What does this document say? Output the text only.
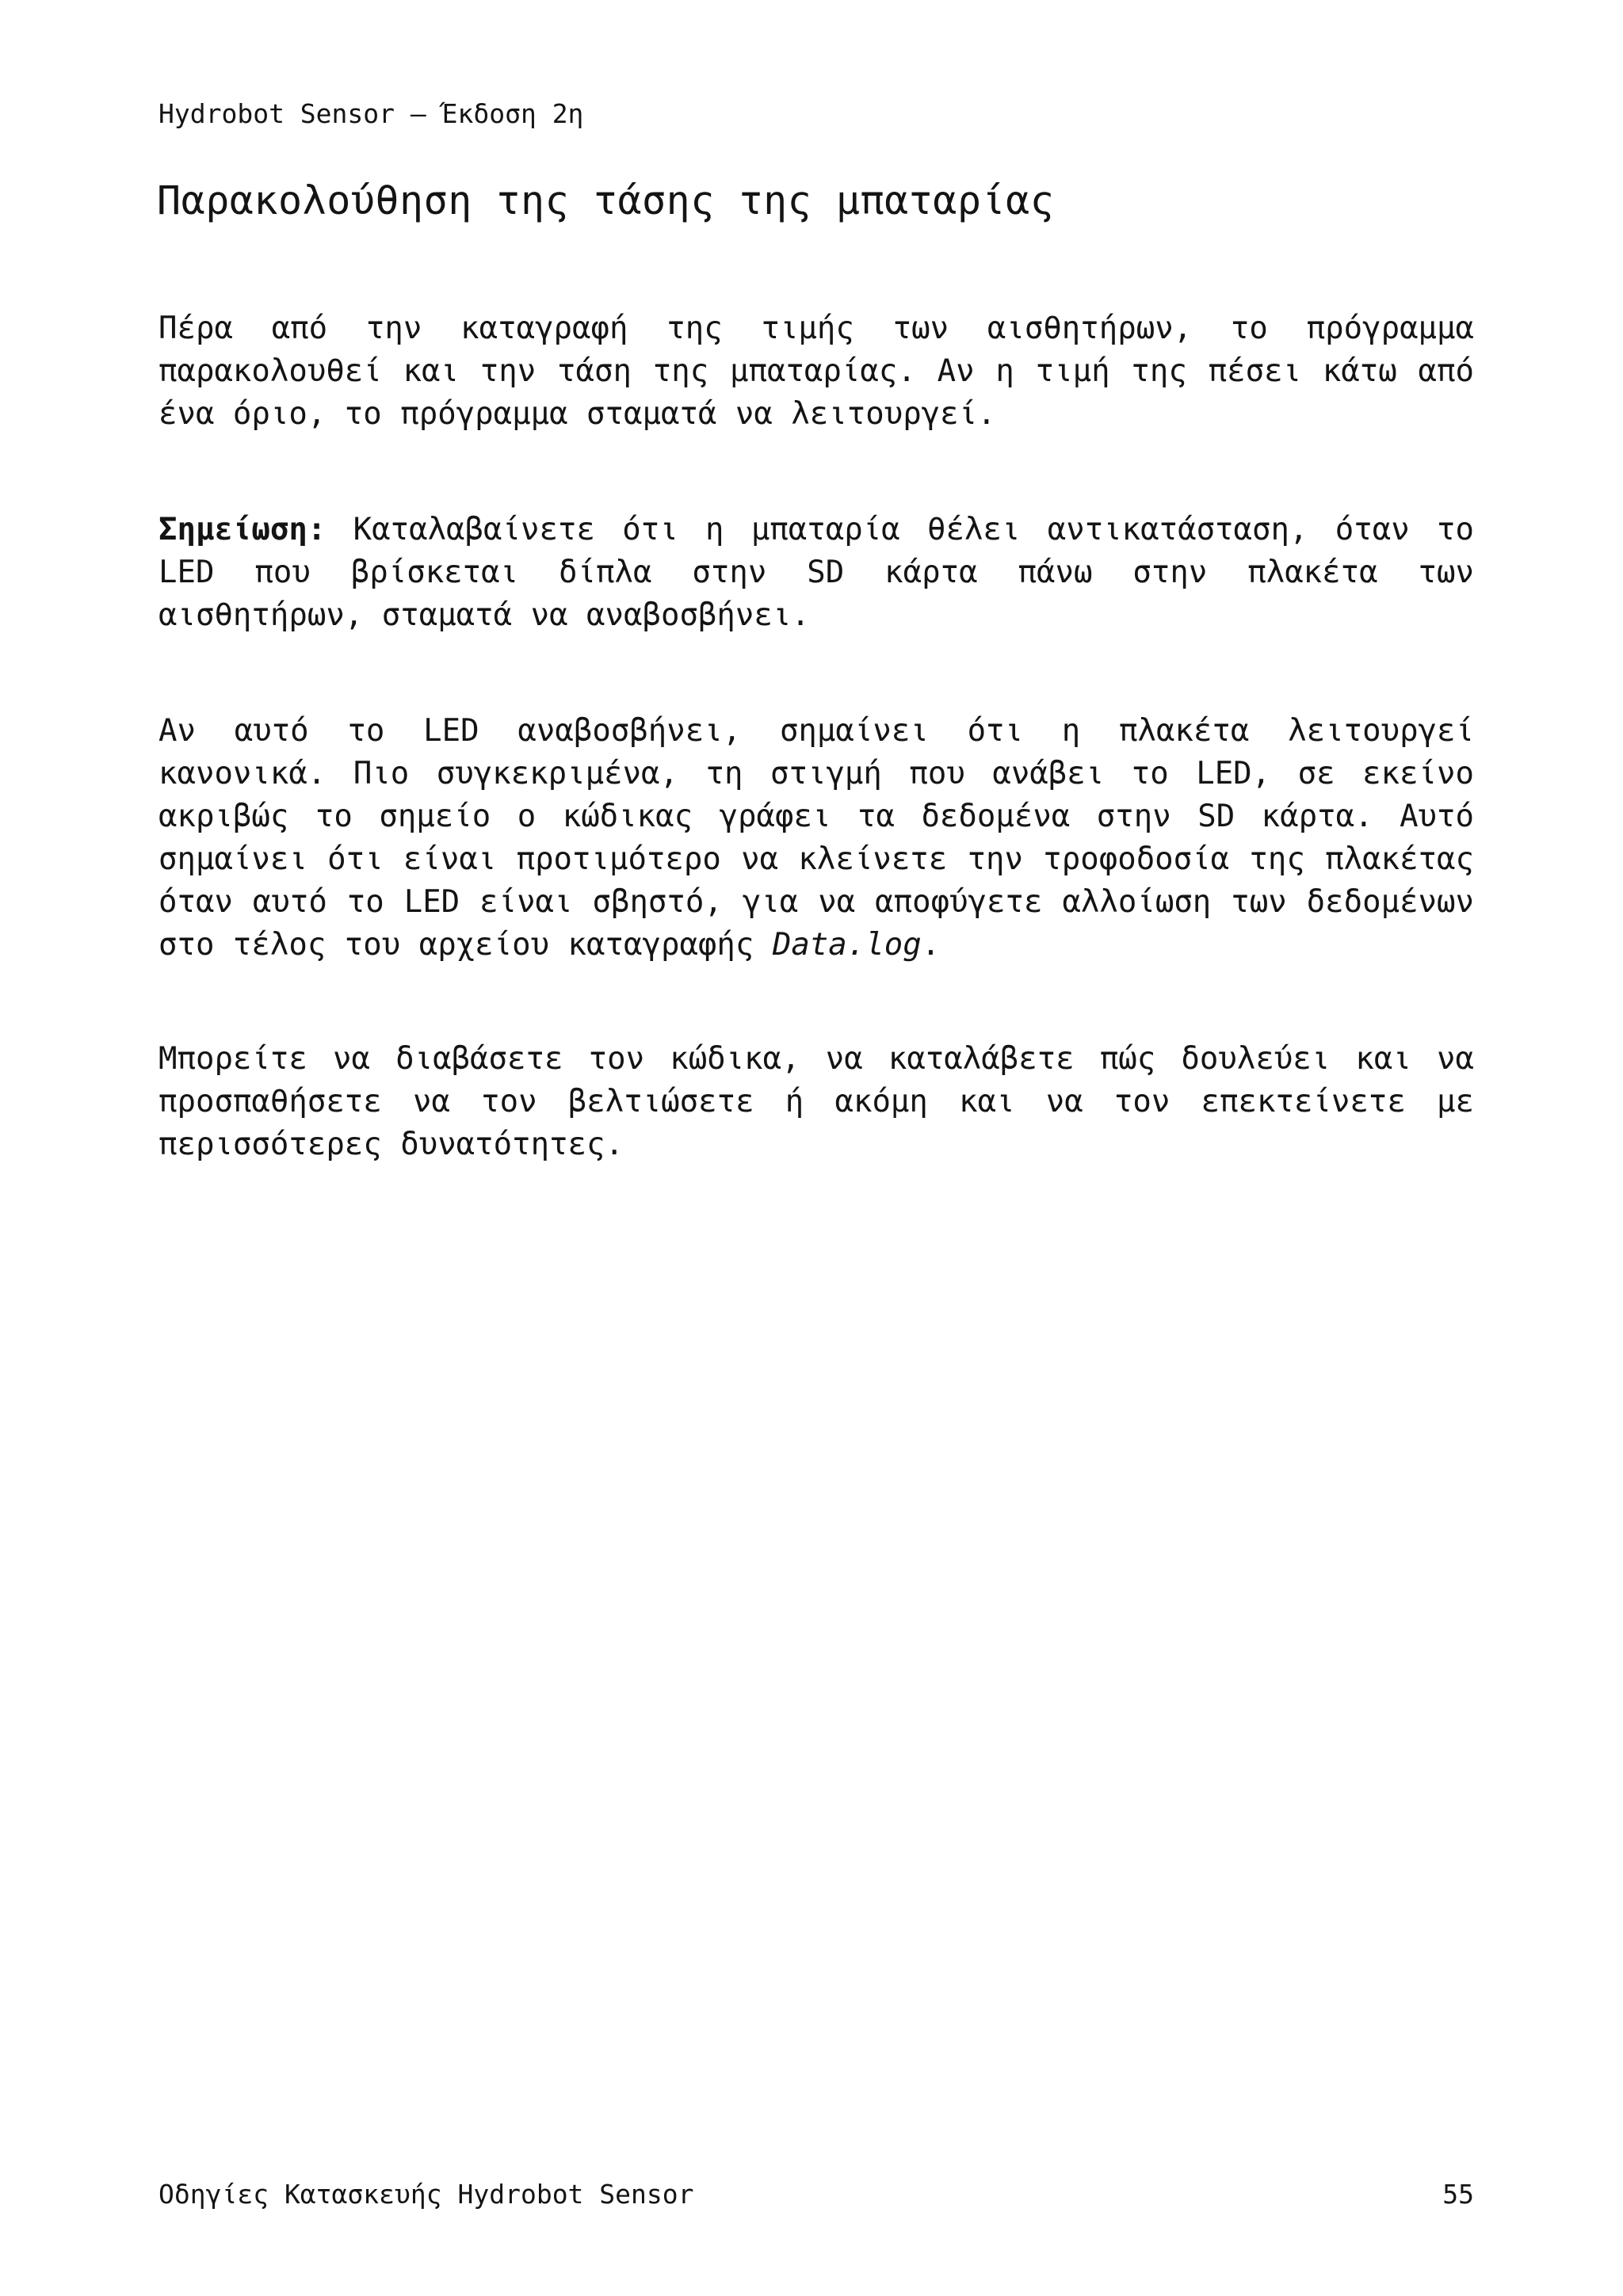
Hydrobot Sensor – Έκδοση 2η
Παρακολούθηση της τάσης της μπαταρίας

Πέρα από την καταγραφή της τιμής των αισθητήρων, το πρόγραμμα παρακολουθεί και την τάση της μπαταρίας. Αν η τιμή της πέσει κάτω από ένα όριο, το πρόγραμμα σταματά να λειτουργεί.

Σημείωση: Καταλαβαίνετε ότι η μπαταρία θέλει αντικατάσταση, όταν το LED που βρίσκεται δίπλα στην SD κάρτα πάνω στην πλακέτα των αισθητήρων, σταματά να αναβοσβήνει.

Αν αυτό το LED αναβοσβήνει, σημαίνει ότι η πλακέτα λειτουργεί κανονικά. Πιο συγκεκριμένα, τη στιγμή που ανάβει το LED, σε εκείνο ακριβώς το σημείο ο κώδικας γράφει τα δεδομένα στην SD κάρτα. Αυτό σημαίνει ότι είναι προτιμότερο να κλείνετε την τροφοδοσία της πλακέτας όταν αυτό το LED είναι σβηστό, για να αποφύγετε αλλοίωση των δεδομένων στο τέλος του αρχείου καταγραφής Data.log.

Μπορείτε να διαβάσετε τον κώδικα, να καταλάβετε πώς δουλεύει και να προσπαθήσετε να τον βελτιώσετε ή ακόμη και να τον επεκτείνετε με περισσότερες δυνατότητες.

Οδηγίες Κατασκευής Hydrobot Sensor	55
